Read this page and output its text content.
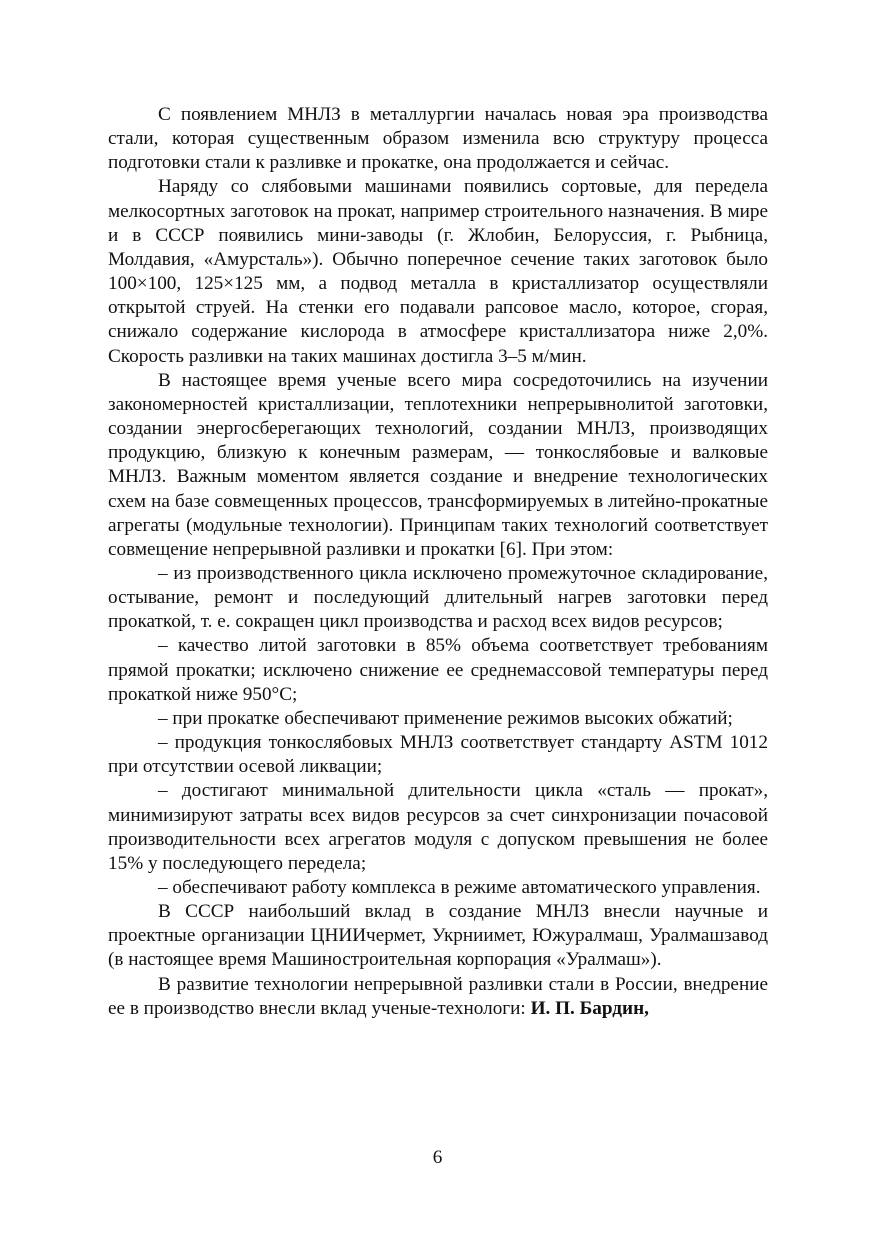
С появлением МНЛЗ в металлургии началась новая эра производства стали, которая существенным образом изменила всю структуру процесса подготовки стали к разливке и прокатке, она продолжается и сейчас.

Наряду со слябовыми машинами появились сортовые, для передела мелкосортных заготовок на прокат, например строительного назначения. В мире и в СССР появились мини-заводы (г. Жлобин, Белоруссия, г. Рыбница, Молдавия, «Амурсталь»). Обычно поперечное сечение таких заготовок было 100×100, 125×125 мм, а подвод металла в кристаллизатор осуществляли открытой струей. На стенки его подавали рапсовое масло, которое, сгорая, снижало содержание кислорода в атмосфере кристаллизатора ниже 2,0%. Скорость разливки на таких машинах достигла 3–5 м/мин.

В настоящее время ученые всего мира сосредоточились на изучении закономерностей кристаллизации, теплотехники непрерывнолитой заготовки, создании энергосберегающих технологий, создании МНЛЗ, производящих продукцию, близкую к конечным размерам, — тонкослябовые и валковые МНЛЗ. Важным моментом является создание и внедрение технологических схем на базе совмещенных процессов, трансформируемых в литейно-прокатные агрегаты (модульные технологии). Принципам таких технологий соответствует совмещение непрерывной разливки и прокатки [6]. При этом:

– из производственного цикла исключено промежуточное складирование, остывание, ремонт и последующий длительный нагрев заготовки перед прокаткой, т. е. сокращен цикл производства и расход всех видов ресурсов;

– качество литой заготовки в 85% объема соответствует требованиям прямой прокатки; исключено снижение ее среднемассовой температуры перед прокаткой ниже 950°C;

– при прокатке обеспечивают применение режимов высоких обжатий;

– продукция тонкослябовых МНЛЗ соответствует стандарту ASTM 1012 при отсутствии осевой ликвации;

– достигают минимальной длительности цикла «сталь — прокат», минимизируют затраты всех видов ресурсов за счет синхронизации почасовой производительности всех агрегатов модуля с допуском превышения не более 15% у последующего передела;

– обеспечивают работу комплекса в режиме автоматического управления.

В СССР наибольший вклад в создание МНЛЗ внесли научные и проектные организации ЦНИИчермет, Укрниимет, Южуралмаш, Уралмашзавод (в настоящее время Машиностроительная корпорация «Уралмаш»).

В развитие технологии непрерывной разливки стали в России, внедрение ее в производство внесли вклад ученые-технологи: И. П. Бардин,

6
